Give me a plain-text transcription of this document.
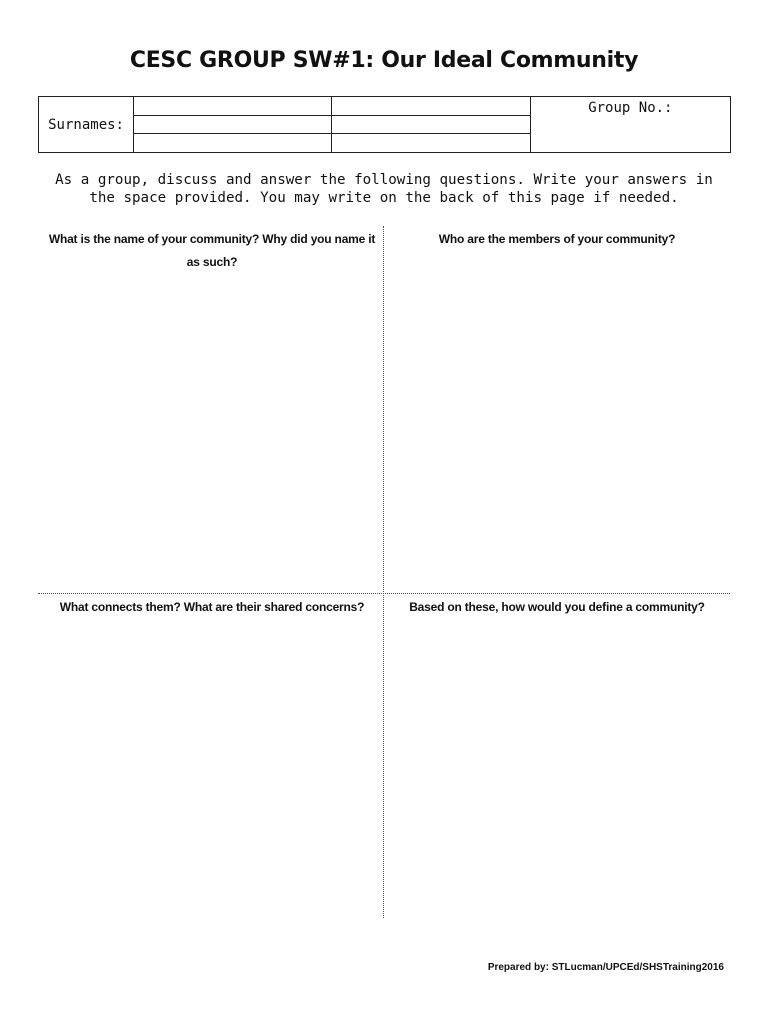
CESC GROUP SW#1: Our Ideal Community
Surnames:			Group No.:

As a group, discuss and answer the following questions. Write your answers in the space provided. You may write on the back of this page if needed.
What is the name of your community? Why did you name it as such?
Who are the members of your community?
What connects them? What are their shared concerns?	Based on these, how would you define a community?
Prepared by: STLucman/UPCEd/SHSTraining2016
